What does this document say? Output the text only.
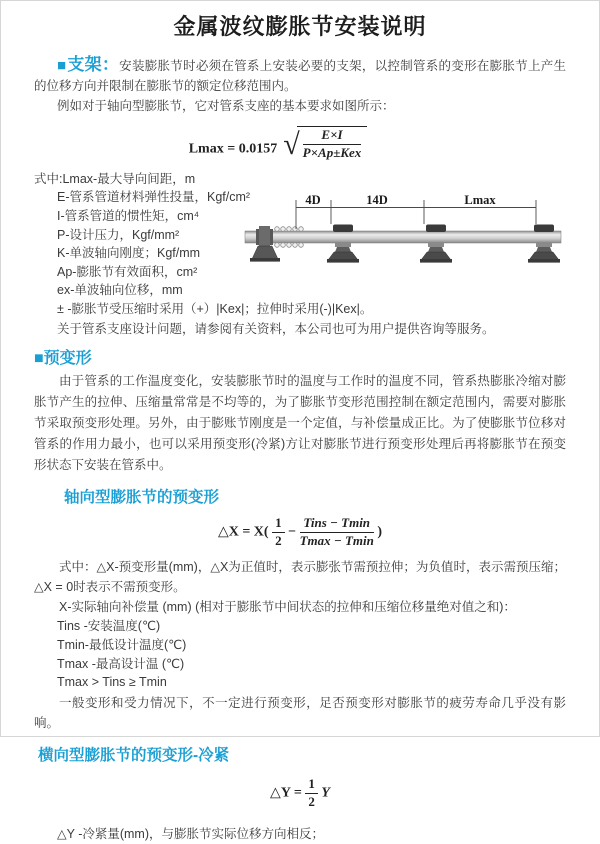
金属波纹膨胀节安装说明

■支架：安装膨胀节时必须在管系上安装必要的支架，以控制管系的变形在膨胀节上产生的位移方向并限制在膨胀节的额定位移范围内。

例如对于轴向型膨胀节，它对管系支座的基本要求如图所示：

Lmax = 0.0157 √
$\frac{E\times I}{\text{P×Ap±Kex}}$
式中:Lmax-最大导向间距，m
E-管系管道材料弹性投量，Kgf/cm²
I-管系管道的惯性矩，cm⁴
P-设计压力，Kgf/mm²
K-单波轴向刚度；Kgf/mm
Ap-膨胀节有效面积，cm²
ex-单波轴向位移，mm
± -膨胀节受压缩时采用（+）|Kex|；拉伸时采用(-)|Kex|。
关于管系支座设计问题，请参阅有关资料，本公司也可为用户提供咨询等服务。
4D	14D	Lmax
■预变形

由于管系的工作温度变化，安装膨胀节时的温度与工作时的温度不同，管系热膨胀冷缩对膨胀节产生的拉伸、压缩量常常是不均等的，为了膨胀节变形范围控制在额定范围内，需要对膨胀节采取预变形处理。另外，由于膨账节刚度是一个定值，与补偿量成正比。为了使膨胀节位移对管系的作用力最小，也可以采用预变形(冷紧)方让对膨胀节进行预变形处理后再将膨胀节在预变形状态下安装在管系中。

轴向型膨胀节的预变形
△X = $X( \frac{1}{2} - \frac{\text{Tins − Tmin}}{Tmax - Tmin}$ )

式中：△X-预变形量(mm)，△X为正值时，表示膨张节需预拉伸；为负值时，表示需预压缩；△X = 0时表示不需预变形。

X-实际轴向补偿量 (mm) (相对于膨胀节中间状态的拉伸和压缩位移量绝对值之和)：

Tins -安装温度(℃)
Tmin-最低设计温度(℃)
Tmax -最高设计温 (℃)
Tmax > Tins ≥ Tmin

一般变形和受力情况下，不一定进行预变形，足否预变形对膨胀节的疲劳寿命几乎没有影响。

横向型膨胀节的预变形-冷紧
△Y = $\frac{1}{2}$ Y

△Y -冷紧量(mm)，与膨胀节实际位移方向相反；
